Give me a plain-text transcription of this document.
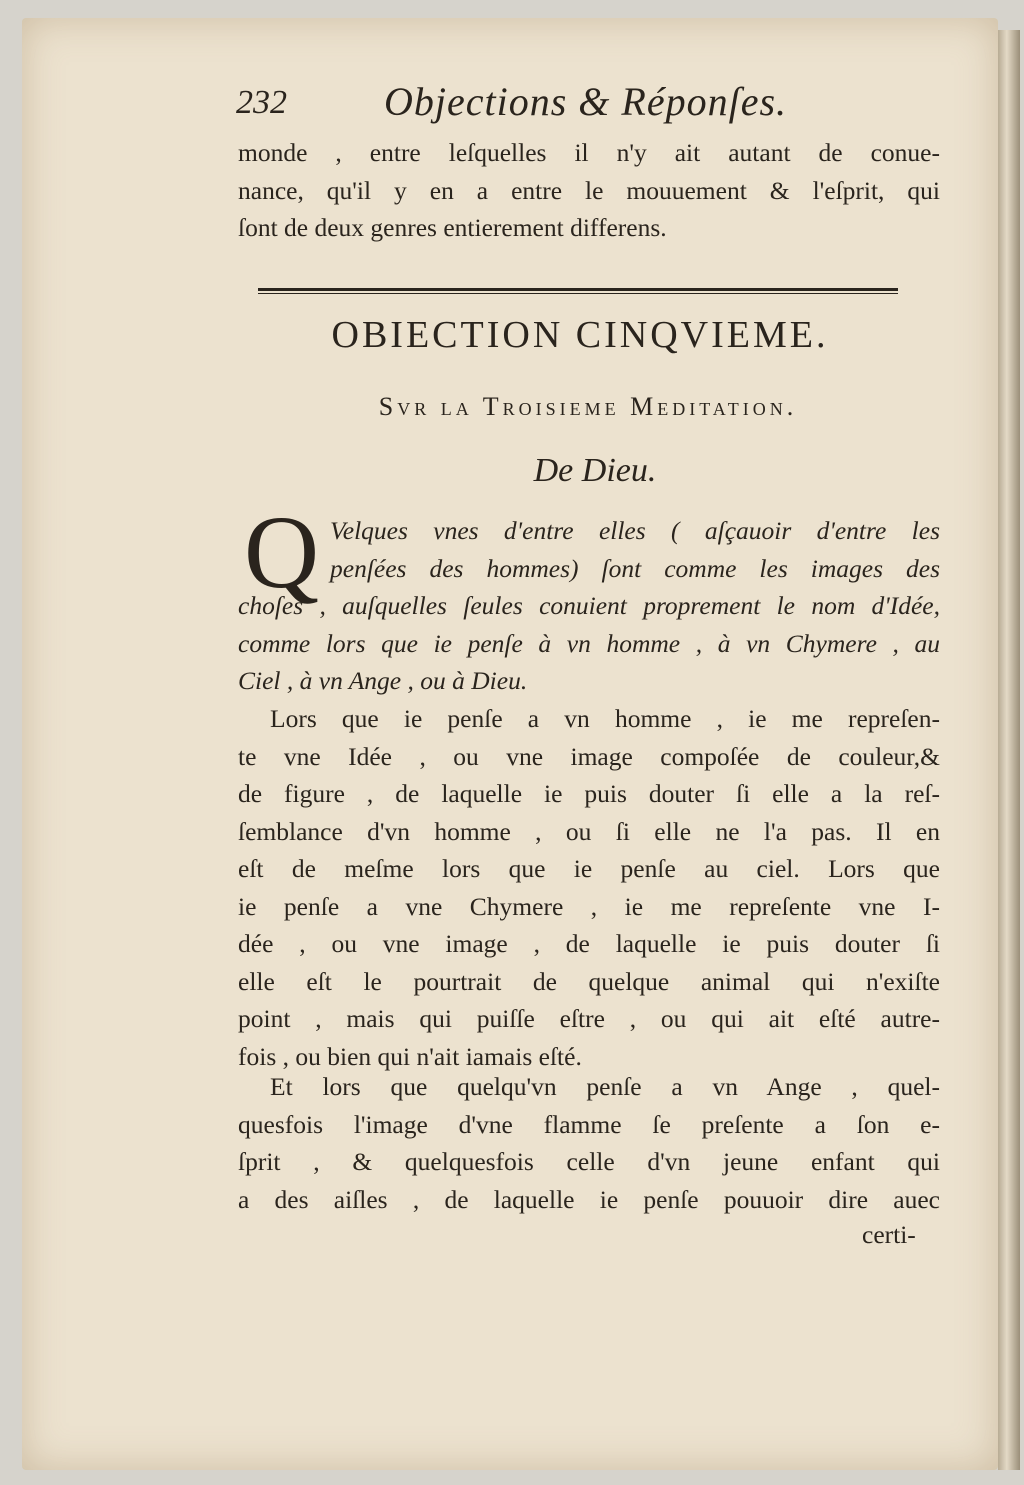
232 Objections & Réponſes.
monde , entre leſquelles il n'y ait autant de conue-
nance, qu'il y en a entre le mouuement & l'eſprit, qui
ſont de deux genres entierement differens.
OBIECTION CINQVIEME.
Svr la Troisieme Meditation.
De Dieu.
Q Velques vnes d'entre elles ( aſçauoir d'entre les
penſées des hommes) ſont comme les images des
choſes , auſquelles ſeules conuient proprement le nom d'Idée,
comme lors que ie penſe à vn homme , à vn Chymere , au
Ciel , à vn Ange , ou à Dieu.
Lors que ie penſe a vn homme , ie me repreſen-
te vne Idée , ou vne image compoſée de couleur,&
de figure , de laquelle ie puis douter ſi elle a la reſ-
ſemblance d'vn homme , ou ſi elle ne l'a pas. Il en
eſt de meſme lors que ie penſe au ciel. Lors que
ie penſe a vne Chymere , ie me repreſente vne I-
dée , ou vne image , de laquelle ie puis douter ſi
elle eſt le pourtrait de quelque animal qui n'exiſte
point , mais qui puiſſe eſtre , ou qui ait eſté autre-
fois , ou bien qui n'ait iamais eſté.
Et lors que quelqu'vn penſe a vn Ange , quel-
quesfois l'image d'vne flamme ſe preſente a ſon e-
ſprit , & quelquesfois celle d'vn jeune enfant qui
a des aiſles , de laquelle ie penſe pouuoir dire auec
certi-
